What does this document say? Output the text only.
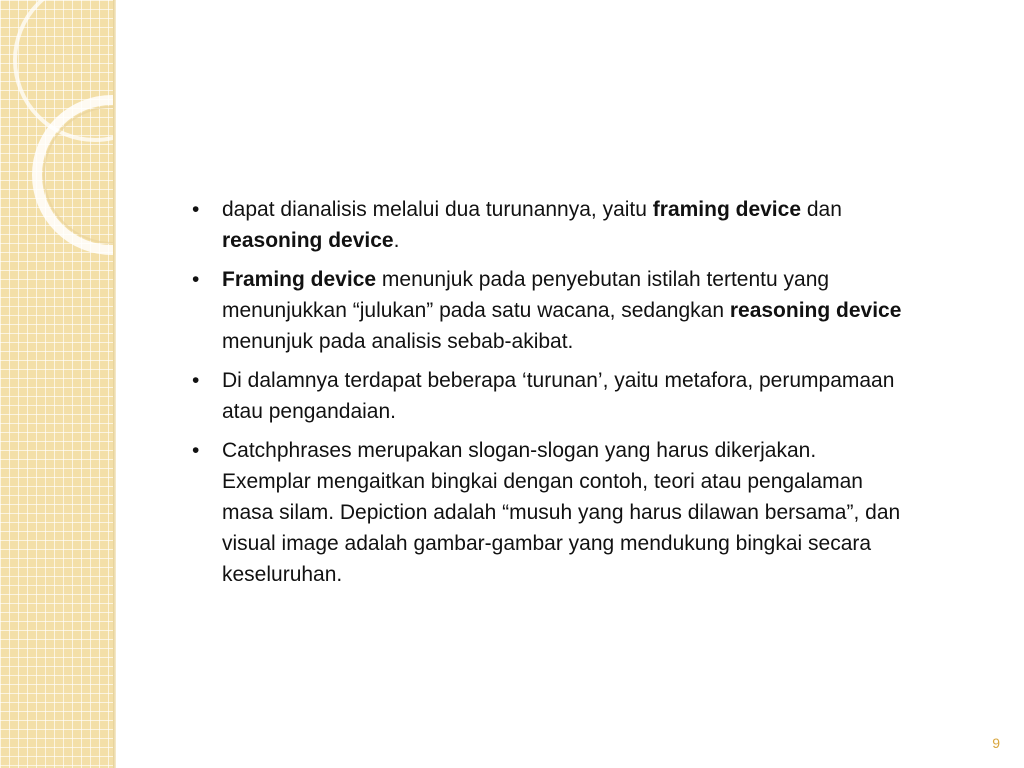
• dapat dianalisis melalui dua turunannya, yaitu framing device dan reasoning device.
• Framing device menunjuk pada penyebutan istilah tertentu yang menunjukkan “julukan” pada satu wacana, sedangkan reasoning device menunjuk pada analisis sebab-akibat.
• Di dalamnya terdapat beberapa ‘turunan’, yaitu metafora, perumpamaan atau pengandaian.
• Catchphrases merupakan slogan-slogan yang harus dikerjakan. Exemplar mengaitkan bingkai dengan contoh, teori atau pengalaman masa silam. Depiction adalah “musuh yang harus dilawan bersama”, dan visual image adalah gambar-gambar yang mendukung bingkai secara keseluruhan.
9
